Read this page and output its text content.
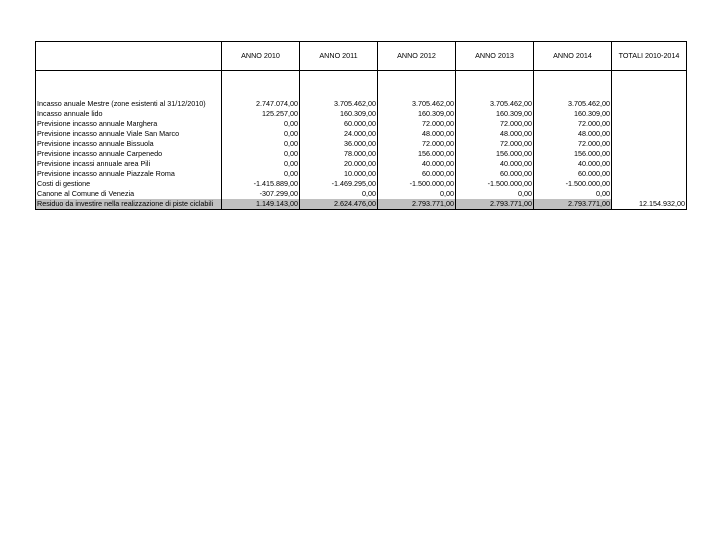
	ANNO 2010	ANNO 2011	ANNO 2012	ANNO 2013	ANNO 2014	TOTALI 2010-2014

Incasso anuale Mestre (zone esistenti al 31/12/2010)	2.747.074,00	3.705.462,00	3.705.462,00	3.705.462,00	3.705.462,00	
Incasso annuale lido	125.257,00	160.309,00	160.309,00	160.309,00	160.309,00	
Previsione incasso annuale Marghera	0,00	60.000,00	72.000,00	72.000,00	72.000,00	
Previsione incasso annuale Viale San Marco	0,00	24.000,00	48.000,00	48.000,00	48.000,00	
Previsione incasso annuale Bissuola	0,00	36.000,00	72.000,00	72.000,00	72.000,00	
Previsione incasso annuale Carpenedo	0,00	78.000,00	156.000,00	156.000,00	156.000,00	
Previsione incassi annuale area Pili	0,00	20.000,00	40.000,00	40.000,00	40.000,00	
Previsione incasso annuale Piazzale Roma	0,00	10.000,00	60.000,00	60.000,00	60.000,00	
Costi di gestione	-1.415.889,00	-1.469.295,00	-1.500.000,00	-1.500.000,00	-1.500.000,00	
Canone al Comune di Venezia	-307.299,00	0,00	0,00	0,00	0,00	
Residuo da investire nella realizzazione di piste ciclabili	1.149.143,00	2.624.476,00	2.793.771,00	2.793.771,00	2.793.771,00	12.154.932,00
